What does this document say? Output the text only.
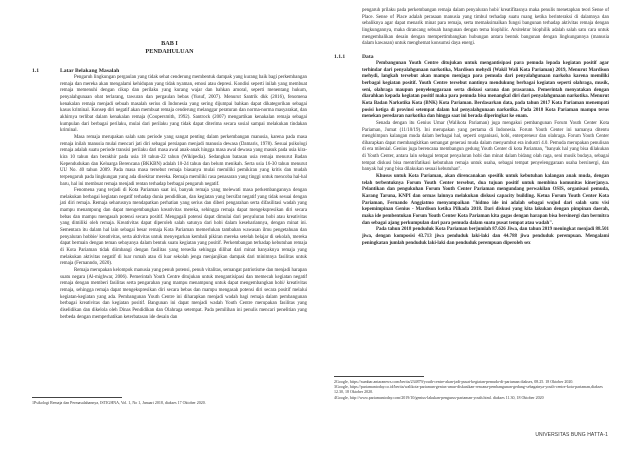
BAB I
PENDAHULUAN
1.1	Latar Belakang Masalah

Pengaruh lingkungan pergaulan yang tidak sehat cenderung membentuk dampak yang kurang baik bagi perkembangan remaja dan mereka akan mengalami kehidupan yang tidak nyaman, emosi atau depresi. Kondisi seperti inilah yang membuat remaja memenuhi dengan cikup dan perilaku yang kurang wajar dan bahkan amoral, seperti menentang hukum, penyalahgunaan obat terlarang, tawuran dan pergaulan bebas (Yusuf, 2007). Menurut Santrik dkk (2016), fenomena kenakalan remaja menjadi sebuah masalah serius di Indonesia yang sering dijumpai bahkan dapat dikategorikan sebagai kasus kriminal. Konsep diri negatif akan membuat remaja cenderung melanggar peraturan dan norma-norma masyarakat, dan akhirnya terlibat dalam kenakalan remaja (Coopersmith, 1992). Santrock (2007) mengartikan kenakalan remaja sebagai kumpulan dari berbagai perilaku, mulai dari perilaku yang tidak dapat diterima secara sosial sampai melakukan tindakan kriminal.

Masa remaja merupakan salah satu periode yang sangat penting dalam perkembangan manusia, karena pada masa remaja inilah manusia mulai mencari jati diri sebagai persiapan menjadi manusia dewasa (Damaris, 1978). Sesuai psikologi remaja adalah suatu periode transisi perilaku dari masa awal anak-anak hingga masa awal dewasa yang masuk pada usia kira-kira 10 tahun dan berakhir pada usia 18 tahun-22 tahun (Wikipedia). Sedangkan batasan usia remaja menurut Badan Kependudukan dan Keluarga Berencana (BKKBN) adalah 10-24 tahun dan belum menikah. Serta usia 16-30 tahun menurut UU No. 40 tahun 2009. Pada masa masa tersebut remaja biasanya mulai memiliki pemikiran yang kritis dan mudah terpengaruh pada lingkungan yang ada disekitar mereka. Remaja memiliki rasa penasaran yang tinggi untuk mencoba hal-hal baru, hal ini membuat remaja menjadi rentan terhadap berbagai pengaruh negatif.

Fenomena yang terjadi di Kota Pariaman saat ini, banyak remaja yang melewati masa perkembangannya dengan melakukan berbagai kegiatan negatif terhadap dunia pendidikan, dan kegiatan yang bersifat negatif yang tidak sesuai dengan jati diri remaja. Remaja seharusnya mendapatkan perhatian yang serius dan diberi pengarahan serta difasilitasi wadah yang mampu menampung dan dapat mengembangkan kreativitas mereka, sehingga remaja dapat mengekspresikan diri secara bebas dan mampu mengasah potensi secara positif. Mengagali potensi dapat dimulai dari penyaluran hobi atau kreativitas yang dimiliki oleh remaja. Kreativitas dapat diperoleh salah satunya dari hobi dalam kesehariannya, dengan minat ini. Sementara itu dalam hal lain sebagai besar remaja Kota Pariaman memerlukan tambahan wawasan ilmu pengetahuan dan penyaluran hobbie/ kreativitas, serta aktivitas untuk menyegarkan kembali pikiran mereka setelah belajar di sekolah, mereka dapat bermain dengan teman sebayanya dalam bentuk suatu kegiatan yang positif. Perkembangan terhadap kebutuhan remaja di Kota Pariaman tidak diimbangi dengan fasilitas yang tersedia sehingga dilihat dari minat banyaknya remaja yang melakukan aktivitas negatif di luar rumah atau di luar sekolah jenga menjanjikan dampak dari minimnya fasilitas untuk remaja (Fernanndo, 2020).

Remaja merupakan kelompok manusia yang penuh potensi, penuh vitalitas, semangat patriotisme dan menjadi harapan suatu negara (Al-mighwar, 2006). Pemerintah Youth Centre ditujukan untuk mengantisipasi dan memecah kegiatan negatif remaja dengan memberi fasilitas serta pengarahan yang mampu menampung untuk dapat mengembangkan hobi/ kreativitas remaja, sehingga remaja dapat mengekspresikan diri secara bebas dan mampu mengasah potensi diri secara positif melalui kegiatan-kegiatan yang ada. Pembangunan Youth Centre ini diharapkan menjadi wadah bagi remaja dalam pembangunan berbagai kreativitas dan kegiatan positif. Bangunan ini dapat menjadi wadah Youth Centre merupakan fasilitas yang diselidikan dan dikelola oleh Dinas Pendidikan dan Olahraga setempat. Pada pemilihan ini penulis mencari penelitian yang berbeda dengan memperhatikan keterbatasan ide desain dan

1Psikologi Remaja dan Permasalahannya, ISTIGHNA, Vol. 1, No 1, Januari 2018, diakses 17 Oktober 2020.

pengaruh prilaku pada perkembangan remaja dalam penyaluran hobi/ kreatifitasnya maka penulis menetapkan teori Sense of Place. Sense of Place adalah perasaan manusia yang timbul terhadap suatu ruang ketika berinteraksi di dalamnya dan sebaliknya agar dapat menarik minat para remaja, serta memaksimalkan fungsi bangunan terhadap aktivitas remaja dengan lingkungannya, maka dirancang sebuah bangunan dengan tema biophilic. Arsitektur biophilik adalah salah satu cara untuk mengembalikan desain dengan mempertimbangkan hubungan antara bentuk bangunan dengan lingkungannya (manusia dalam kawasan) untuk menghemat konsumsi daya energi.

1.1.1	Data

Pembangunan Youth Centre ditujukan untuk mengantisipasi para pemuda lepada kegiatan positif agar terhindar dari penyalahgunaan narkotika, Mardison mehydi (Wakil Wali Kota Pariaman) 2019, Menurut Mardison mehydi, langkah tersebut akan mampu menjaga para pemuda dari penyalahgunaan narkoba karena memiliki berbagai kegiatan positif. Youth Centre tersebut nantinya mendukung berbagai kegiatan seperti olahraga, musik, seni, olahraga maupun penyelenggaraan serta diskusi sarana dan prasarana. Pemerintah menyatakan dengan diarahkan kepada kegiatan positif maka para pemuda bisa menangkal diri dari penyalahgunaan narkotika. Menurut Kota Badan Narkotika Kota (BNK) Kota Pariaman. Berdasarkan data, pada tahun 2017 Kota Pariaman menempati posisi ketiga di provinsi setempat dalam hal penyalahgunaan narkotika. Pada 2018 Kota Pariaman mampu terus menekan peredaran narkotika dan hingga saat ini berada diperingkat ke enam.

Senada dengan itu Genius Umar (Walikota Pariaman) juga mengakui pembangunan Forum Youth Center Kota Pariaman, Jumat (11/10/19). Ini merupakan yang pertama di Indonesia. Forum Youth Center ini namanya ditentu menghimpun kalangan muda dalam berbagai hal, seperti organisasi, hobi, enterpreneur dan olahraga. Forum Youth Center diharapkan dapat membangkitkan semangat generasi muda dalam menyambut era industri 4.0. Pemuda merupakan penulisan di era milenial. Genius juga berencana membangun gedung Youth Center di kota Pariaman, "banyak hal yang bisa dilakukan di Youth Center, antara lain sebagai tempat penyaluran hobi dan minat dalam bidang olah raga, seni musik budaya, sebagai tempat diskusi bisa mentrifatikasi kebutuhan remaja untuk usaha, sebagai tempat penyelenggaraan usaha bersinergi, dan banyak hal yang bisa dilakukan sesuai kebutuhan".

Khusus untuk Kota Pariaman, akan direncanakan spesifik untuk kebutuhan kalangan anak muda, dengan telah terbentuknya Forum Youth Center tersebut, dua tujuan positif untuk membina komunitas kinerjanya. Pelantikan dan pengukuhan Forum Youth Center Pariaman mengundang perwakilan OSIS, organisasi pemuda, Karang Taruna, KNPI dan ormas lainnya melakukan diskusi capacity building. Ketua Forum Youth Center Kota Pariaman, Fernando Anggiatmo menyampaikan "hidmo ide ini adalah sebagai wujud dari salah satu visi kepemimpinan Genius - Mardison ketika Pilkada 2018. Dari diskusi yang kita lakukan dengan pimpinan daerah, maka ide pembentukan Forum Youth Center Kota Pariaman kita gagas dengan harapan bisa bersinergi dan bermitra dan sebagai ajang perkumpulan dari para pemuda dalam suatu pusat tempat atau wadah".

Pada tahun 2018 penduduk Kota Pariaman berjumlah 87.626 Jiwa, dan tahun 2019 meningkat menjadi 88.501 jiwa, dengan komposisi 43.713 jiwa penduduk laki-laki dan 44.788 jiwa penduduk perempuan. Mengalami peningkatan jumlah penduduk laki-laki dan penduduk perempuan diperoleh sex

2Google, https://sumbar.antaranews.com/berita/234879/youth-centre-akan-jadi-pusat-kegiatan-pemuda-di-pariaman diakses, 08.25. 18 Oktober 2020.
3Google, https://pariamantoday.co.id/berita/walikota-pariaman-genius-umar-diskusikan-rencana-pembangunan-gedung-sebagainya-youth-centre-kota-pariaman,diakses 12.30, 18 Oktober 2020.
4Google, http://www.pariamantoday.com/2019/10/genius-lakukan-pengurus-pariaman-youth.html. diakses 11.30, 18 Oktober 2020
UNIVERSITAS BUNG HATTA-1
